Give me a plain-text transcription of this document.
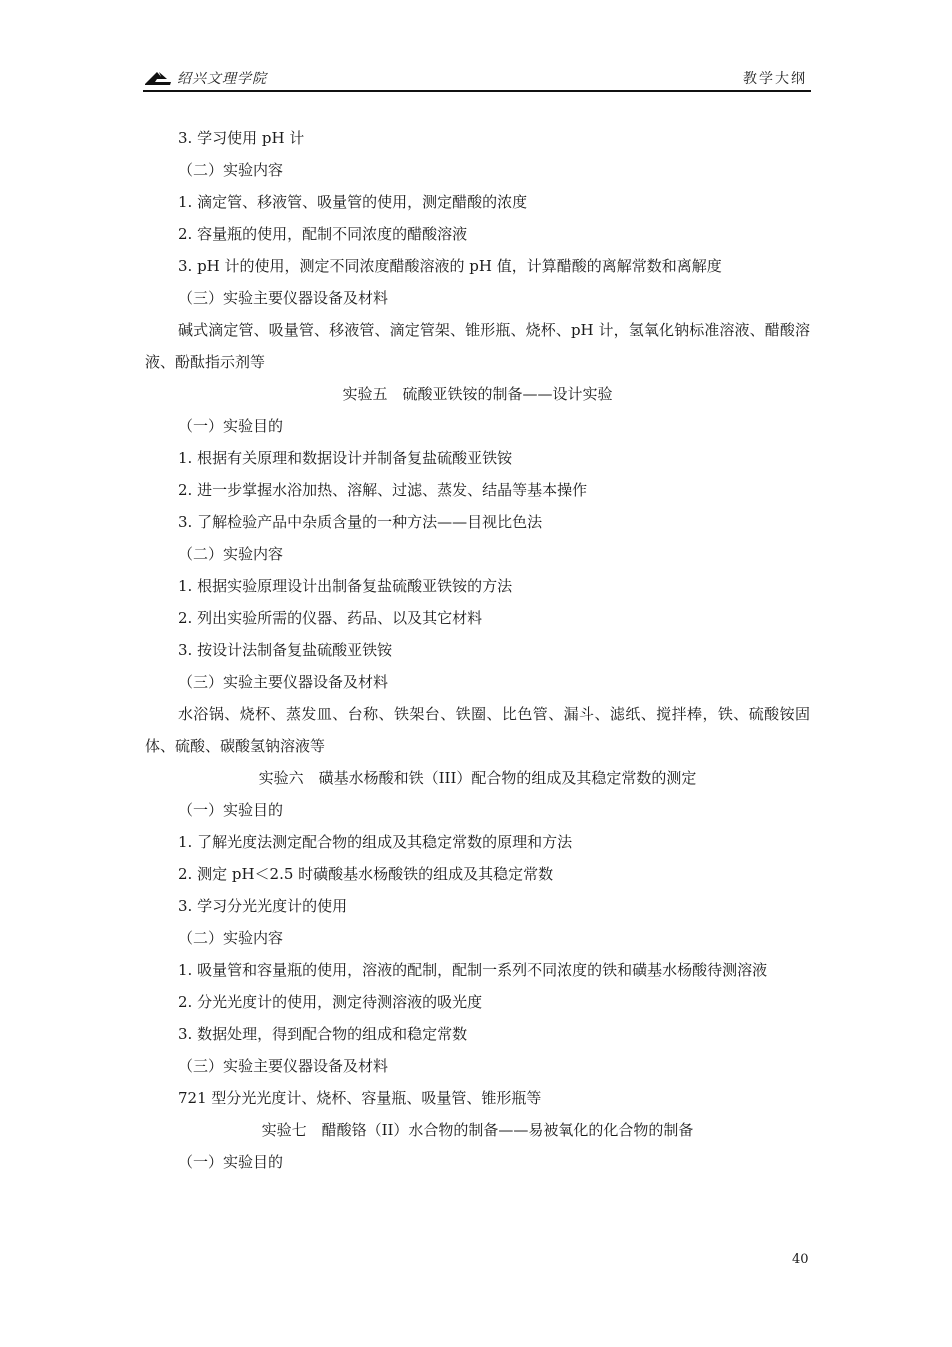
绍兴文理学院	教学大纲
3. 学习使用 pH 计
（二）实验内容
1. 滴定管、移液管、吸量管的使用，测定醋酸的浓度
2. 容量瓶的使用，配制不同浓度的醋酸溶液
3. pH 计的使用，测定不同浓度醋酸溶液的 pH 值，计算醋酸的离解常数和离解度
（三）实验主要仪器设备及材料
碱式滴定管、吸量管、移液管、滴定管架、锥形瓶、烧杯、pH 计，氢氧化钠标准溶液、醋酸溶液、酚酞指示剂等
实验五　硫酸亚铁铵的制备——设计实验
（一）实验目的
1. 根据有关原理和数据设计并制备复盐硫酸亚铁铵
2. 进一步掌握水浴加热、溶解、过滤、蒸发、结晶等基本操作
3. 了解检验产品中杂质含量的一种方法——目视比色法
（二）实验内容
1. 根据实验原理设计出制备复盐硫酸亚铁铵的方法
2. 列出实验所需的仪器、药品、以及其它材料
3. 按设计法制备复盐硫酸亚铁铵
（三）实验主要仪器设备及材料
水浴锅、烧杯、蒸发皿、台称、铁架台、铁圈、比色管、漏斗、滤纸、搅拌棒，铁、硫酸铵固体、硫酸、碳酸氢钠溶液等
实验六　磺基水杨酸和铁（III）配合物的组成及其稳定常数的测定
（一）实验目的
1. 了解光度法测定配合物的组成及其稳定常数的原理和方法
2. 测定 pH＜2.5 时磺酸基水杨酸铁的组成及其稳定常数
3. 学习分光光度计的使用
（二）实验内容
1. 吸量管和容量瓶的使用，溶液的配制，配制一系列不同浓度的铁和磺基水杨酸待测溶液
2. 分光光度计的使用，测定待测溶液的吸光度
3. 数据处理，得到配合物的组成和稳定常数
（三）实验主要仪器设备及材料
721 型分光光度计、烧杯、容量瓶、吸量管、锥形瓶等
实验七　醋酸铬（II）水合物的制备——易被氧化的化合物的制备
（一）实验目的
40
